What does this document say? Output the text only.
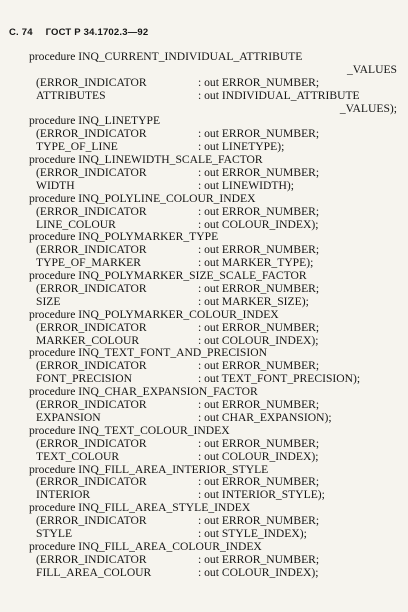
С. 74 ГОСТ Р 34.1702.3—92
procedure INQ_CURRENT_INDIVIDUAL_ATTRIBUTE
_VALUES
(ERROR_INDICATOR	: out ERROR_NUMBER;
ATTRIBUTES	: out INDIVIDUAL_ATTRIBUTE
_VALUES);
procedure INQ_LINETYPE
(ERROR_INDICATOR	: out ERROR_NUMBER;
TYPE_OF_LINE	: out LINETYPE);
procedure INQ_LINEWIDTH_SCALE_FACTOR
(ERROR_INDICATOR	: out ERROR_NUMBER;
WIDTH	: out LINEWIDTH);
procedure INQ_POLYLINE_COLOUR_INDEX
(ERROR_INDICATOR	: out ERROR_NUMBER;
LINE_COLOUR	: out COLOUR_INDEX);
procedure INQ_POLYMARKER_TYPE
(ERROR_INDICATOR	: out ERROR_NUMBER;
TYPE_OF_MARKER	: out MARKER_TYPE);
procedure INQ_POLYMARKER_SIZE_SCALE_FACTOR
(ERROR_INDICATOR	: out ERROR_NUMBER;
SIZE	: out MARKER_SIZE);
procedure INQ_POLYMARKER_COLOUR_INDEX
(ERROR_INDICATOR	: out ERROR_NUMBER;
MARKER_COLOUR	: out COLOUR_INDEX);
procedure INQ_TEXT_FONT_AND_PRECISION
(ERROR_INDICATOR	: out ERROR_NUMBER;
FONT_PRECISION	: out TEXT_FONT_PRECISION);
procedure INQ_CHAR_EXPANSION_FACTOR
(ERROR_INDICATOR	: out ERROR_NUMBER;
EXPANSION	: out CHAR_EXPANSION);
procedure INQ_TEXT_COLOUR_INDEX
(ERROR_INDICATOR	: out ERROR_NUMBER;
TEXT_COLOUR	: out COLOUR_INDEX);
procedure INQ_FILL_AREA_INTERIOR_STYLE
(ERROR_INDICATOR	: out ERROR_NUMBER;
INTERIOR	: out INTERIOR_STYLE);
procedure INQ_FILL_AREA_STYLE_INDEX
(ERROR_INDICATOR	: out ERROR_NUMBER;
STYLE	: out STYLE_INDEX);
procedure INQ_FILL_AREA_COLOUR_INDEX
(ERROR_INDICATOR	: out ERROR_NUMBER;
FILL_AREA_COLOUR	: out COLOUR_INDEX);
